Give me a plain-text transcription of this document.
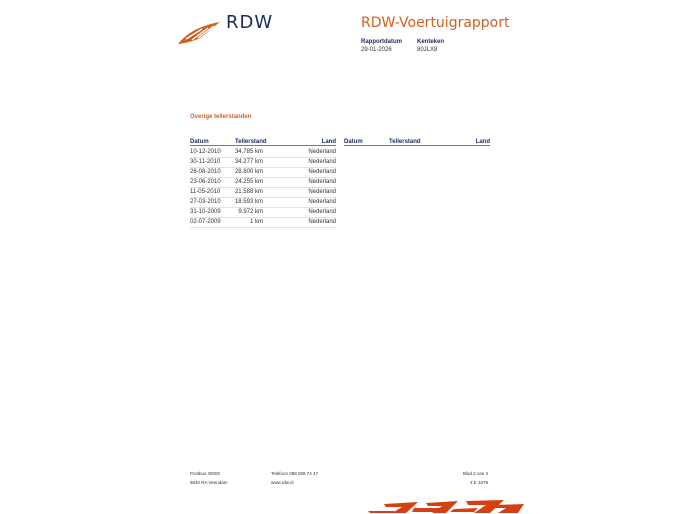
RDW	RDW-Voertuigrapport
Rapportdatum
29-01-2026
Kenteken
80JLX8
Overige tellerstanden
Datum	Tellerstand	Land Datum	Tellerstand	Land
10-12-2010 34.785 km	Nederland
30-11-2010 34.277 km	Nederland
26-08-2010 28.800 km	Nederland
23-06-2010 24.255 km	Nederland
11-05-2010 21.588 km	Nederland
27-03-2010 18.593 km	Nederland
31-10-2009	9.972 km	Nederland
02-07-2009	1 km	Nederland
Postbus 30000
9640 RA Veendam
Telefoon 088 008 74 47
www.rdw.nl
Blad 2 van 4
3 E 1679
